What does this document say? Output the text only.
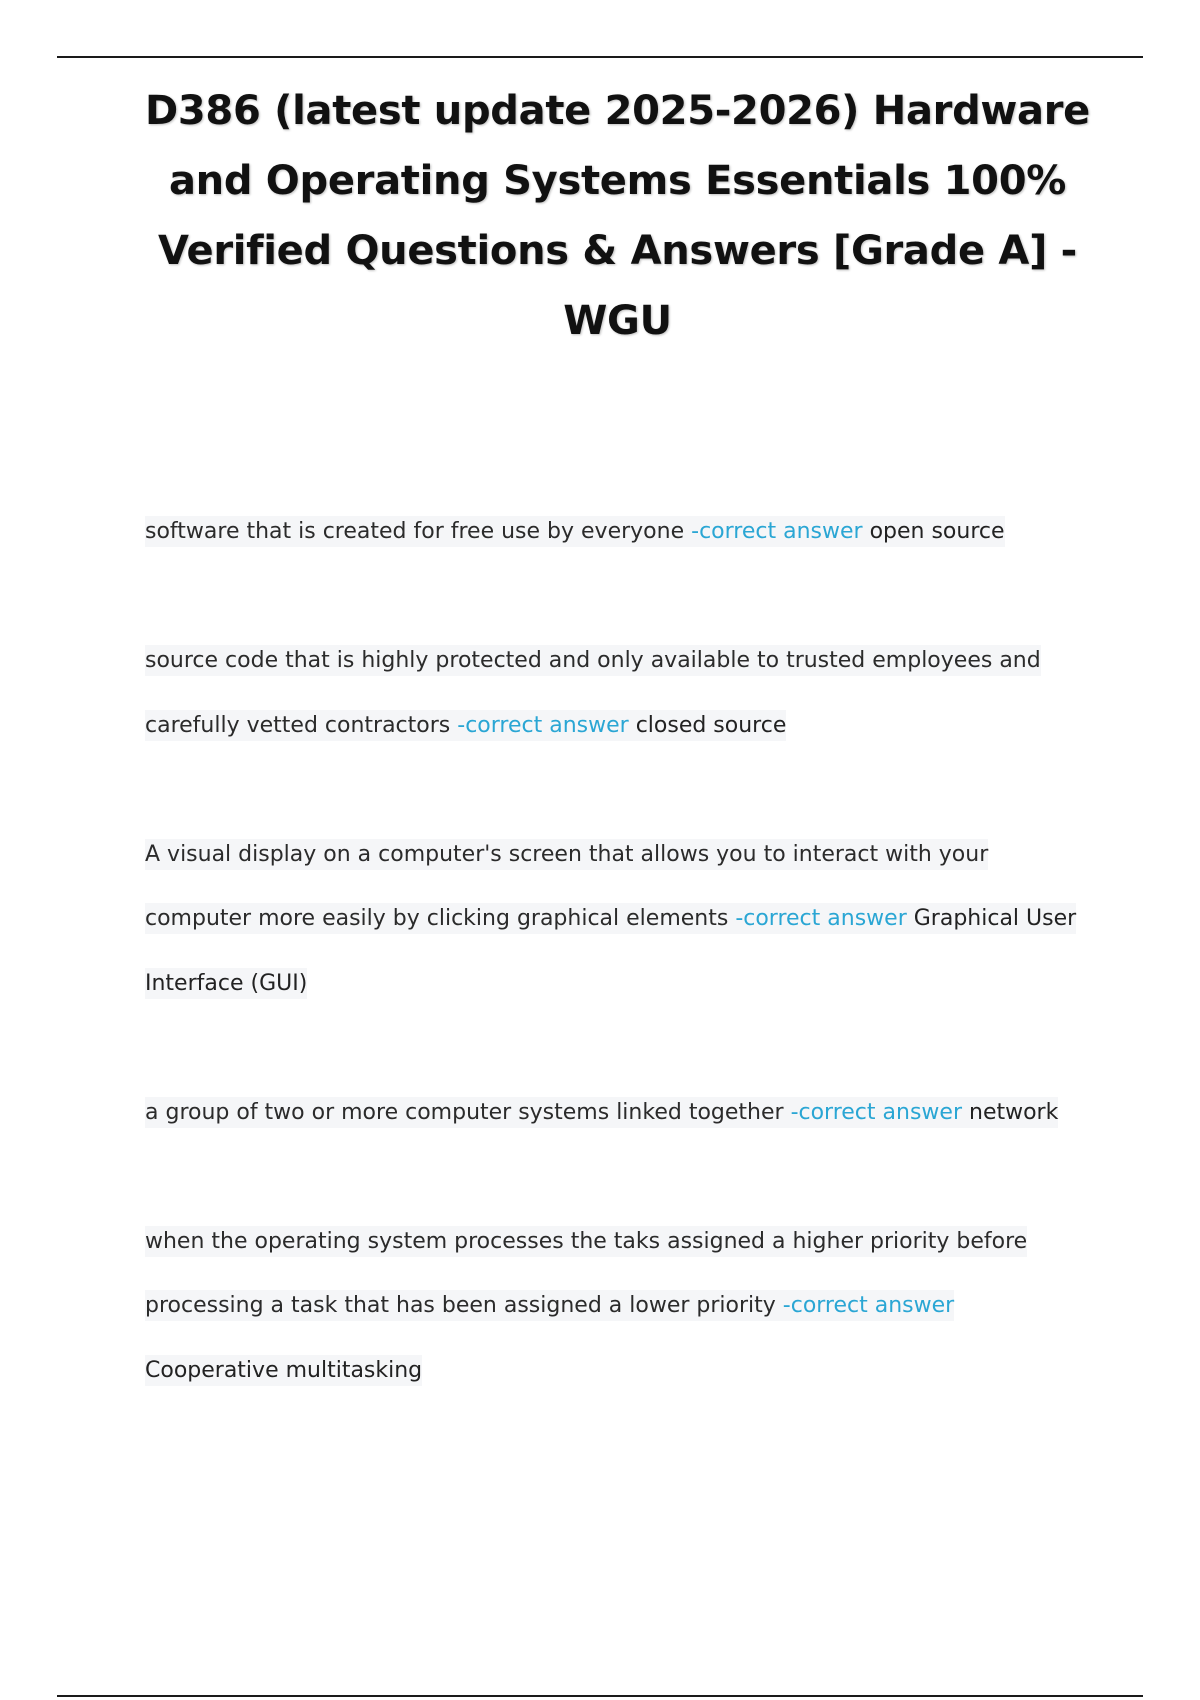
D386 (latest update 2025-2026) Hardware and Operating Systems Essentials 100% Verified Questions & Answers [Grade A] - WGU

software that is created for free use by everyone -correct answer open source

source code that is highly protected and only available to trusted employees and carefully vetted contractors -correct answer closed source

A visual display on a computer's screen that allows you to interact with your computer more easily by clicking graphical elements -correct answer Graphical User Interface (GUI)

a group of two or more computer systems linked together -correct answer network

when the operating system processes the taks assigned a higher priority before processing a task that has been assigned a lower priority -correct answer Cooperative multitasking
